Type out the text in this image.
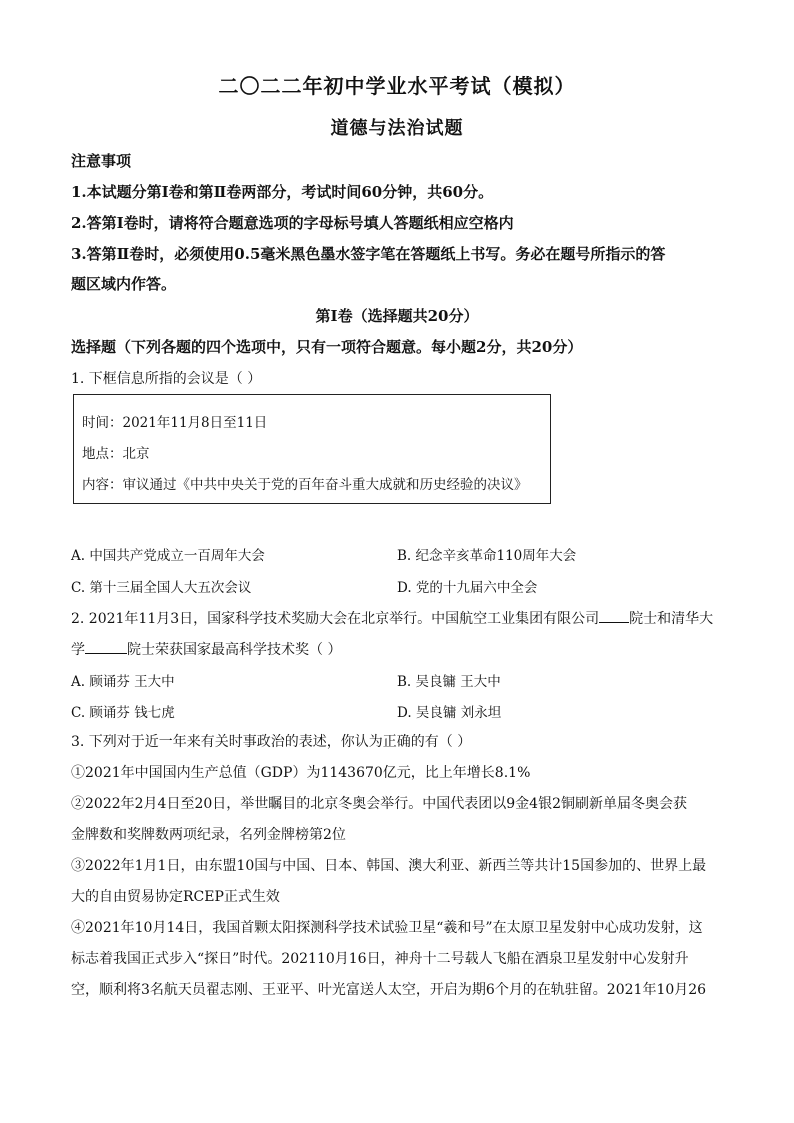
二〇二二年初中学业水平考试（模拟）
道德与法治试题
注意事项
1.本试题分第Ⅰ卷和第Ⅱ卷两部分，考试时间60分钟，共60分。
2.答第Ⅰ卷时，请将符合题意选项的字母标号填人答题纸相应空格内
3.答第Ⅱ卷时，必须使用0.5毫米黑色墨水签字笔在答题纸上书写。务必在题号所指示的答
题区域内作答。
第Ⅰ卷（选择题共20分）
选择题（下列各题的四个选项中，只有一项符合题意。每小题2分，共20分）
1. 下框信息所指的会议是（ ）
时间：2021年11月8日至11日
地点：北京
内容：审议通过《中共中央关于党的百年奋斗重大成就和历史经验的决议》
A. 中国共产党成立一百周年大会	B. 纪念辛亥革命110周年大会
C. 第十三届全国人大五次会议	D. 党的十九届六中全会
2. 2021年11月3日，国家科学技术奖励大会在北京举行。中国航空工业集团有限公司 院士和清华大
学	院士荣获国家最高科学技术奖（ ）
A. 顾诵芬 王大中	B. 吴良镛 王大中
C. 顾诵芬 钱七虎	D. 吴良镛 刘永坦
3. 下列对于近一年来有关时事政治的表述，你认为正确的有（ ）
①2021年中国国内生产总值（GDP）为1143670亿元，比上年增长8.1%
②2022年2月4日至20日，举世瞩目的北京冬奥会举行。中国代表团以9金4银2铜刷新单届冬奥会获
金牌数和奖牌数两项纪录，名列金牌榜第2位
③2022年1月1日，由东盟10国与中国、日本、韩国、澳大利亚、新西兰等共计15国参加的、世界上最
大的自由贸易协定RCEP正式生效
④2021年10月14日，我国首颗太阳探测科学技术试验卫星“羲和号”在太原卫星发射中心成功发射，这
标志着我国正式步入“探日”时代。202110月16日，神舟十二号载人飞船在酒泉卫星发射中心发射升
空，顺利将3名航天员翟志刚、王亚平、叶光富送人太空，开启为期6个月的在轨驻留。2021年10月26
